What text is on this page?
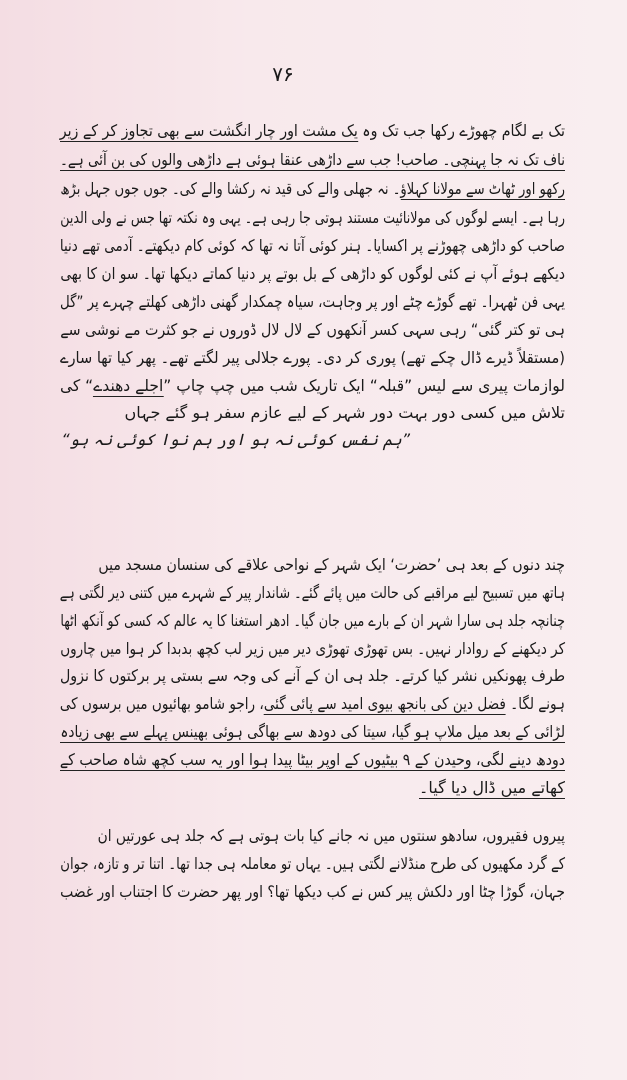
۷۶
تک بے لگام چھوڑے رکھا جب تک وہ یک مشت اور چار انگشت سے بھی تجاوز کر کے زیر
ناف تک نہ جا پہنچی۔ صاحب! جب سے داڑھی عنقا ہوئی ہے داڑھی والوں کی بن آئی ہے۔
رکھو اور ٹھاٹ سے مولانا کہلاؤ۔ نہ جھلی والے کی قید نہ رکشا والے کی۔ جوں جوں جہل بڑھ
رہا ہے۔ ایسے لوگوں کی مولانائیت مستند ہوتی جا رہی ہے۔ یہی وہ نکتہ تھا جس نے ولی الدین
صاحب کو داڑھی چھوڑنے پر اکسایا۔ ہنر کوئی آتا نہ تھا کہ کوئی کام دیکھتے۔ آدمی تھے دنیا
دیکھے ہوئے آپ نے کئی لوگوں کو داڑھی کے بل بوتے پر دنیا کماتے دیکھا تھا۔ سو ان کا بھی
یہی فن ٹھہرا۔ تھے گوڑے چٹے اور پر وجاہت، سیاہ چمکدار گھنی داڑھی کھلتے چہرے پر ”گل
ہی تو کتر گئی“ رہی سہی کسر آنکھوں کے لال لال ڈوروں نے جو کثرت مے نوشی سے
(مستقلاً ڈیرے ڈال چکے تھے) پوری کر دی۔ پورے جلالی پیر لگتے تھے۔ پھر کیا تھا سارے
لوازمات پیری سے لیس ”قبلہ“ ایک تاریک شب میں چپ چاپ ”اجلے دھندے“ کی
تلاش میں کسی دور بہت دور شہر کے لیے عازم سفر ہو گئے جہاں
”ہم نفس کوئی نہ ہو اور ہم نوا کوئی نہ ہو“
چند دنوں کے بعد ہی ’حضرت‘ ایک شہر کے نواحی علاقے کی سنسان مسجد میں
ہاتھ میں تسبیح لیے مراقبے کی حالت میں پائے گئے۔ شاندار پیر کے شہرے میں کتنی دیر لگتی ہے
چنانچہ جلد ہی سارا شہر ان کے بارے میں جان گیا۔ ادھر استغنا کا یہ عالم کہ کسی کو آنکھ اٹھا
کر دیکھنے کے روادار نہیں۔ بس تھوڑی تھوڑی دیر میں زیر لب کچھ بدبدا کر ہوا میں چاروں
طرف پھونکیں نشر کیا کرتے۔ جلد ہی ان کے آنے کی وجہ سے بستی پر برکتوں کا نزول
ہونے لگا۔ فضل دین کی بانجھ بیوی امید سے پائی گئی، راجو شامو بھائیوں میں برسوں کی
لڑائی کے بعد میل ملاپ ہو گیا، سیتا کی دودھ سے بھاگی ہوئی بھینس پہلے سے بھی زیادہ
دودھ دینے لگی، وحیدن کے ۹ بیٹیوں کے اوپر بیٹا پیدا ہوا اور یہ سب کچھ شاہ صاحب کے
کھاتے میں ڈال دیا گیا۔
پیروں فقیروں، سادھو سنتوں میں نہ جانے کیا بات ہوتی ہے کہ جلد ہی عورتیں ان
کے گرد مکھیوں کی طرح منڈلانے لگتی ہیں۔ یہاں تو معاملہ ہی جدا تھا۔ اتنا تر و تازہ، جوان
جہان، گوڑا چٹا اور دلکش پیر کس نے کب دیکھا تھا؟ اور پھر حضرت کا اجتناب اور غضب
